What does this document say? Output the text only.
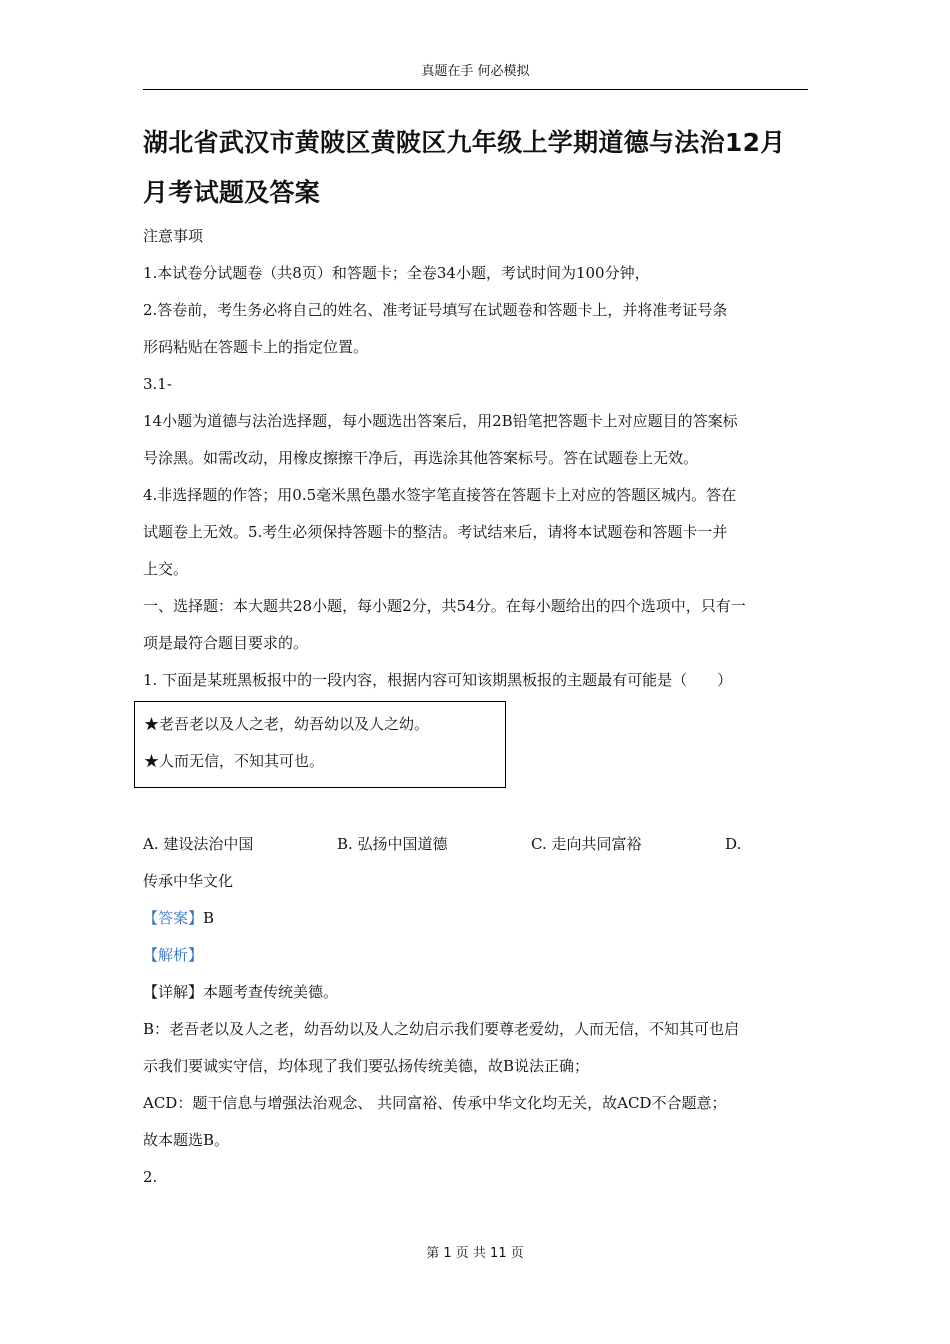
真题在手 何必模拟
湖北省武汉市黄陂区黄陂区九年级上学期道德与法治12月
月考试题及答案

注意事项

1.本试卷分试题卷（共8页）和答题卡；全卷34小题，考试时间为100分钟，

2.答卷前，考生务必将自己的姓名、准考证号填写在试题卷和答题卡上，并将准考证号条

形码粘贴在答题卡上的指定位置。

3.1-

14小题为道德与法治选择题，每小题选出答案后，用2B铅笔把答题卡上对应题目的答案标

号涂黑。如需改动，用橡皮擦擦干净后，再选涂其他答案标号。答在试题卷上无效。

4.非选择题的作答；用0.5毫米黑色墨水签字笔直接答在答题卡上对应的答题区城内。答在

试题卷上无效。5.考生必须保持答题卡的整洁。考试结来后，请将本试题卷和答题卡一并

上交。

一、选择题：本大题共28小题，每小题2分，共54分。在每小题给出的四个选项中，只有一

项是最符合题目要求的。

1. 下面是某班黑板报中的一段内容，根据内容可知该期黑板报的主题最有可能是（　　）

★老吾老以及人之老，幼吾幼以及人之幼。

★人而无信，不知其可也。

A. 建设法治中国	B. 弘扬中国道德	C. 走向共同富裕	D.

传承中华文化

【答案】B

【解析】

【详解】本题考查传统美德。

B：老吾老以及人之老，幼吾幼以及人之幼启示我们要尊老爱幼，人而无信，不知其可也启

示我们要诚实守信，均体现了我们要弘扬传统美德，故B说法正确；

ACD：题干信息与增强法治观念、 共同富裕、传承中华文化均无关，故ACD不合题意；

故本题选B。

2.

第 1 页 共 11 页
